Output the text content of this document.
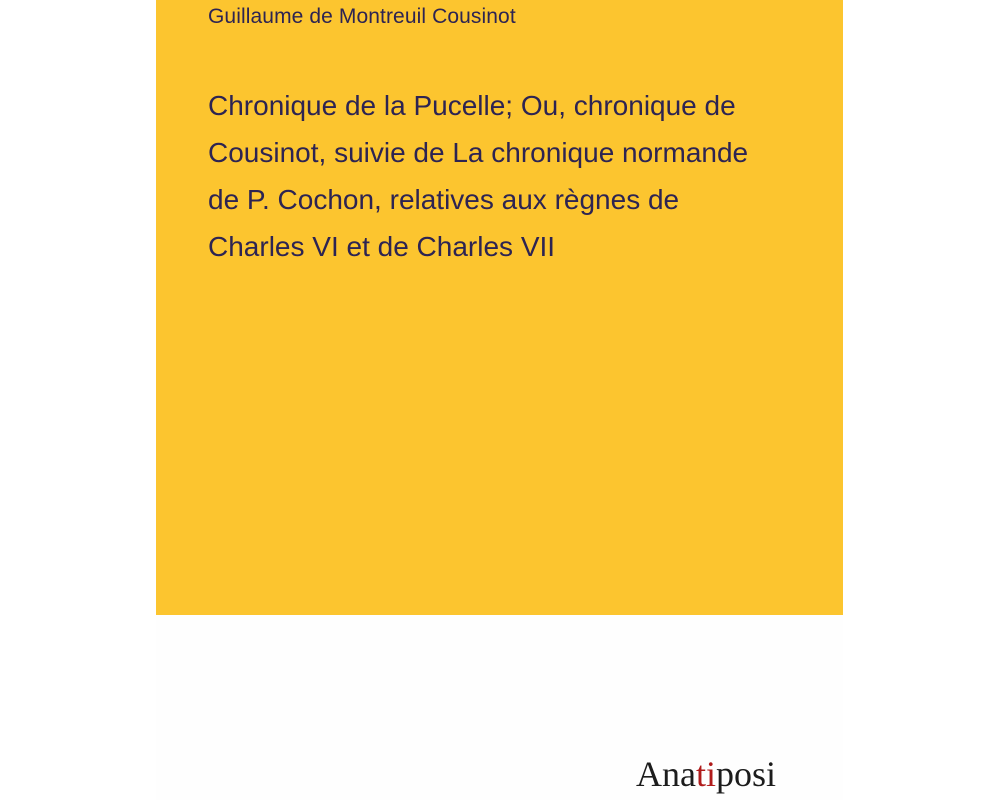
Guillaume de Montreuil Cousinot
Chronique de la Pucelle; Ou, chronique de
Cousinot, suivie de La chronique normande
de P. Cochon, relatives aux règnes de
Charles VI et de Charles VII
Anatiposi
